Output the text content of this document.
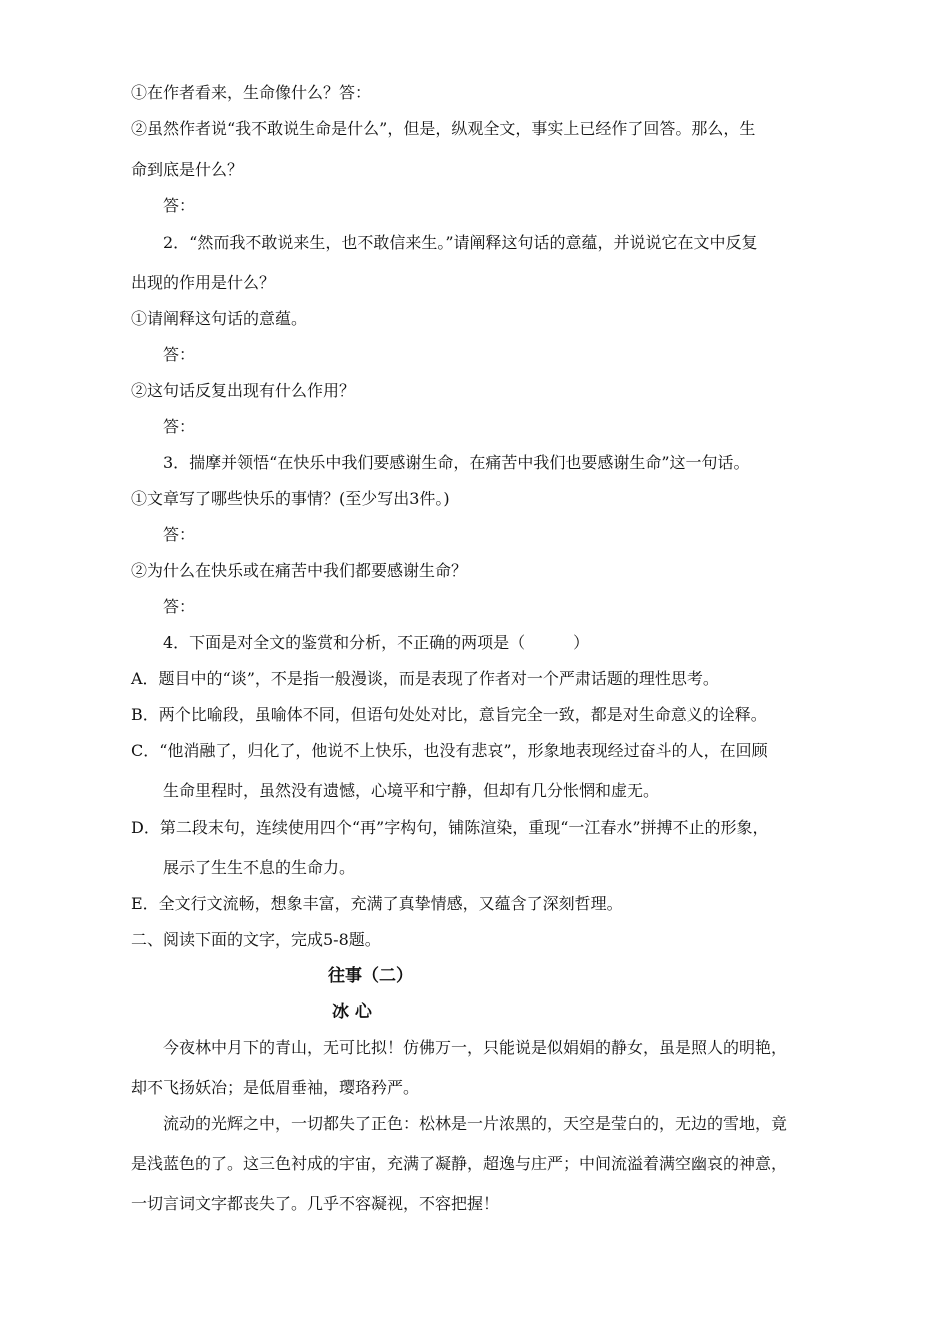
①在作者看来，生命像什么？答：
②虽然作者说“我不敢说生命是什么”，但是，纵观全文，事实上已经作了回答。那么，生
命到底是什么？
答：
2．“然而我不敢说来生，也不敢信来生。”请阐释这句话的意蕴，并说说它在文中反复
出现的作用是什么？
①请阐释这句话的意蕴。
答：
②这句话反复出现有什么作用？
答：
3．揣摩并领悟“在快乐中我们要感谢生命，在痛苦中我们也要感谢生命”这一句话。
①文章写了哪些快乐的事情？(至少写出3件。)
答：
②为什么在快乐或在痛苦中我们都要感谢生命？
答：
4．下面是对全文的鉴赏和分析，不正确的两项是（　　　）
A．题目中的“谈”，不是指一般漫谈，而是表现了作者对一个严肃话题的理性思考。
B．两个比喻段，虽喻体不同，但语句处处对比，意旨完全一致，都是对生命意义的诠释。
C．“他消融了，归化了，他说不上快乐，也没有悲哀”，形象地表现经过奋斗的人，在回顾
生命里程时，虽然没有遗憾，心境平和宁静，但却有几分怅惘和虚无。
D．第二段末句，连续使用四个“再”字构句，铺陈渲染，重现“一江春水”拼搏不止的形象，
展示了生生不息的生命力。
E．全文行文流畅，想象丰富，充满了真挚情感，又蕴含了深刻哲理。
二、阅读下面的文字，完成5-8题。
往事（二）
冰 心
今夜林中月下的青山，无可比拟！仿佛万一，只能说是似娟娟的静女，虽是照人的明艳，
却不飞扬妖冶；是低眉垂袖，璎珞矜严。
流动的光辉之中，一切都失了正色：松林是一片浓黑的，天空是莹白的，无边的雪地，竟
是浅蓝色的了。这三色衬成的宇宙，充满了凝静，超逸与庄严；中间流溢着满空幽哀的神意，
一切言词文字都丧失了。几乎不容凝视，不容把握！
